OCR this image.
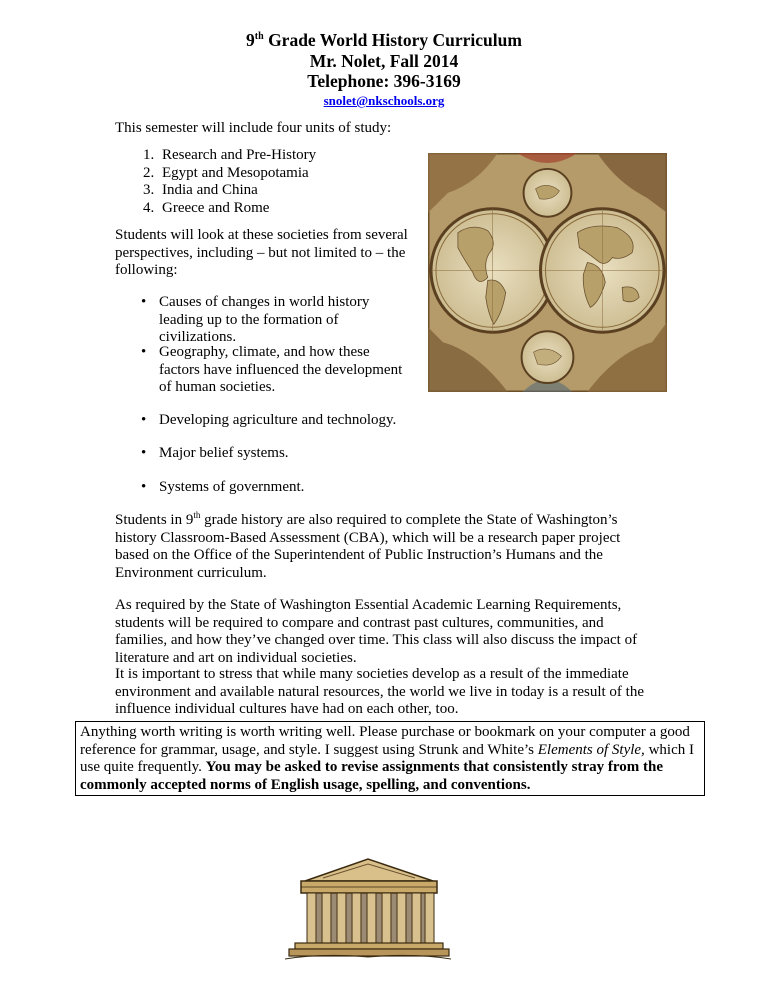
9th Grade World History Curriculum
Mr. Nolet, Fall 2014
Telephone: 396-3169
snolet@nkschools.org
This semester will include four units of study:
1. Research and Pre-History
2. Egypt and Mesopotamia
3. India and China
4. Greece and Rome
Students will look at these societies from several perspectives, including – but not limited to – the following:
• Causes of changes in world history leading up to the formation of civilizations.
• Geography, climate, and how these factors have influenced the development of human societies.
• Developing agriculture and technology.
• Major belief systems.
• Systems of government.
Students in 9th grade history are also required to complete the State of Washington’s history Classroom-Based Assessment (CBA), which will be a research paper project based on the Office of the Superintendent of Public Instruction’s Humans and the Environment curriculum.
As required by the State of Washington Essential Academic Learning Requirements, students will be required to compare and contrast past cultures, communities, and families, and how they’ve changed over time. This class will also discuss the impact of literature and art on individual societies.
It is important to stress that while many societies develop as a result of the immediate environment and available natural resources, the world we live in today is a result of the influence individual cultures have had on each other, too.
Anything worth writing is worth writing well. Please purchase or bookmark on your computer a good reference for grammar, usage, and style. I suggest using Strunk and White’s Elements of Style, which I use quite frequently. You may be asked to revise assignments that consistently stray from the commonly accepted norms of English usage, spelling, and conventions.
